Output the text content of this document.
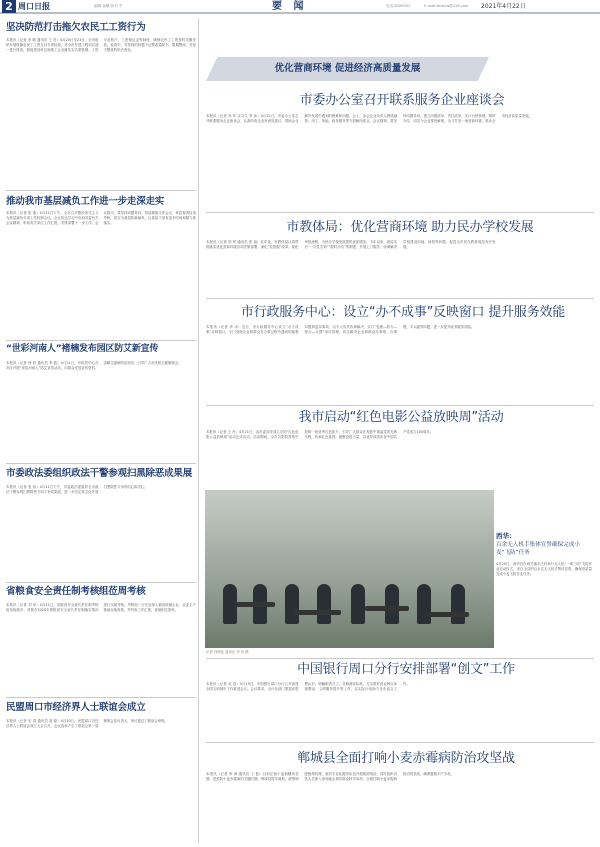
2 周口日报	编辑 崔曦 校对 牛	电话:8399002	E-mail:zkrbyw@126.com
要 闻	2021年4月22日
坚决防范打击拖欠农民工工资行为
本报讯（记者 李 顺 通讯员 王 亮）4月20日至23日，全市组织开展保障农民工工资支付专项检查。对全市在建工程项目逐一进行排查，督促建设单位和施工企业落实实名制管理、工资专用账户、工资保证金等制度，确保农民工工资按时足额发放。检查中，对发现的问题下达整改通知书，限期整改，对拒不整改的依法查处。
推动我市基层减负工作进一步走深走实
本报讯（记者 张 燕）4月21日下午，全市召开整治形式主义为基层减负专项工作机制会议。会议传达学习中央和省委有关会议精神，听取有关单位工作汇报，安排部署下一步工作。会议指出，要坚持问题导向，持续精简文件会议，规范督查检查考核，切实为基层松绑减负，让基层干部有更多时间和精力抓落实。
“世彩河南人”褚楠发布园区防艾新宣传
本报讯（记者 徐 松 通讯员 李 振）4月21日，市疾控中心在市区开展“世彩河南人”防艾宣传活动，向群众发放宣传资料，讲解艾滋病防治知识，引导广大市民树立健康理念。
市委政法委组织政法干警参观扫黑除恶成果展
本报讯（记者 张 伟）4月21日下午，市委政法委组织全市政法干警参观扫黑除恶专项斗争成果展，进一步坚定常态化开展扫黑除恶斗争的信心和决心。
省粮食安全责任制考核组莅周考核
本报讯（记者 刘 华）4月21日，省粮食安全省长责任制考核组莅临我市，对我市2020年度粮食安全省长责任制落实情况进行实地考核。考核组一行先后深入粮食收储企业、农业生产基地实地查看，并听取工作汇报，查阅相关资料。
民盟周口市经济界人士联谊会成立
本报讯（记者 吴 春 通讯员 高 磊）4月20日，民盟周口市经济界人士联谊会成立大会召开。会议选举产生了联谊会第一届理事会及负责人，审议通过了联谊会章程。
优化营商环境 促进经济高质量发展
市委办公室召开联系服务企业座谈会
本报讯（记者 刘 华 实习生 李 冰）4月21日，市委办公室召开联系服务企业座谈会，认真听取企业家意见建议，帮助企业解决发展中遇到的困难和问题。会上，参会企业负责人围绕融资、用工、用地、政务服务等方面畅所欲言。会议强调，要坚持问题导向，建立问题清单、责任清单，实行台账管理，限时办结，切实为企业排忧解难，全力打造一流营商环境，推动全市经济高质量发展。
市教体局：优化营商环境 助力民办学校发展
本报讯（记者 刘 军 通讯员 张 旭）近年来，市教体局认真贯彻落实优化营商环境各项决策部署，深化“放管服”改革，简化审批流程，为民办学校发展提供优质服务。今年以来，该局实行“一次性告知”“限时办结”等制度，开展上门服务，协调解决学校建设用地、师资等问题，促进全市民办教育规范有序发展。
市行政服务中心：设立“办不成事”反映窗口 提升服务效能
本报讯（记者 李 冰）近日，市行政服务中心设立“办不成事”反映窗口，专门受理企业和群众在办事过程中遇到的疑难问题和复杂事项，由专人负责协调解决，实行“受理—转办—督办—反馈”闭环管理，切实解决企业和群众办事难、办事慢、多头跑等问题，进一步提升政务服务效能。
我市启动“红色电影公益放映周”活动
本报讯（记者 王 丹）4月21日，由市委宣传部主办的“红色电影公益放映周”活动正式启动。活动期间，全市各影院将集中放映一批优秀红色影片，引导广大群众在观影中重温党的光辉历程，传承红色基因，凝聚奋进力量，以优异成绩庆祝中国共产党成立100周年。
西华：
百余无人机手集体宣誓确保完成小麦“飞防”任务
4月20日，西华县在城关镇丰庄村举行无人机“一喷三防”飞防作业启动仪式，来自全县的百余名无人机手集体宣誓，确保高质量完成小麦飞防作业任务。
记者 孙德征 通讯员 李 伟 摄
中国银行周口分行安排部署“创文”工作
本报讯（记者 吴 春）4月19日，中国银行周口分行召开创建全国文明城市工作推进会议。会议要求，全行各部门要提高思想认识，明确职责分工，对照测评标准，扎实做好营业网点环境整治、文明服务提升等工作，以实际行动助力全市创文工作。
郸城县全面打响小麦赤霉病防治攻坚战
本报讯（记者 李 涛 通讯员 王 磊）目前正值小麦抽穗扬花期，是预防小麦赤霉病的关键时期。郸城县提早谋划，统筹调配植保机械，组织专业化服务队伍开展统防统治，同时组织农技人员深入田间地头指导群众科学用药，全面打响小麦赤霉病防治攻坚战，确保夏粮丰产丰收。
